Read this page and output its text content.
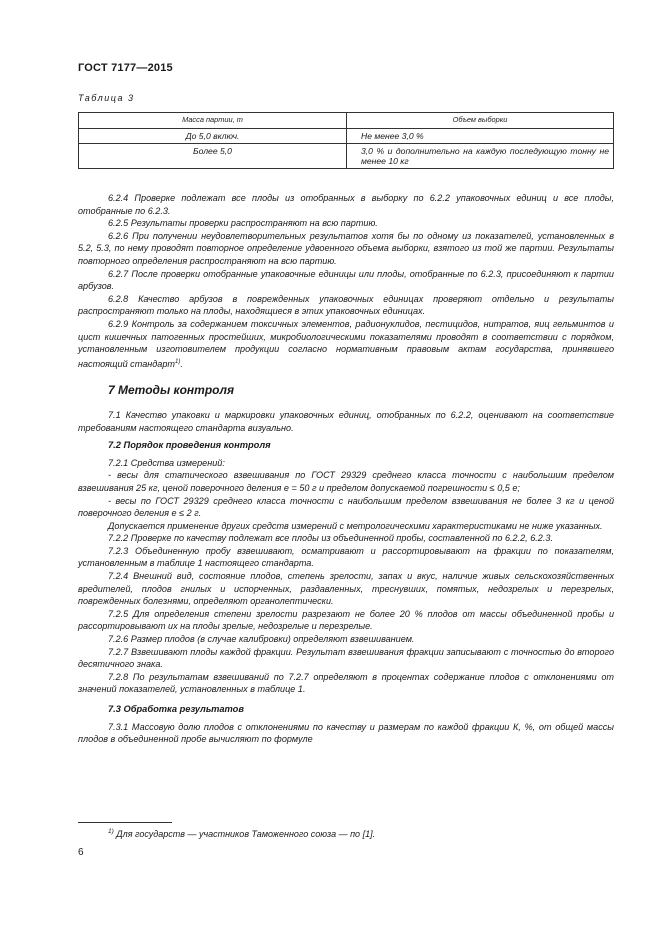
ГОСТ 7177—2015
Таблица 3
Масса партии, т	Объем выборки
До 5,0 включ.	Не менее 3,0 %
Более 5,0	3,0 % и дополнительно на каждую последующую тонну не менее 10 кг

6.2.4 Проверке подлежат все плоды из отобранных в выборку по 6.2.2 упаковочных единиц и все плоды, отобранные по 6.2.3.

6.2.5 Результаты проверки распространяют на всю партию.

6.2.6 При получении неудовлетворительных результатов хотя бы по одному из показателей, установленных в 5.2, 5.3, по нему проводят повторное определение удвоенного объема выборки, взятого из той же партии. Результаты повторного определения распространяют на всю партию.

6.2.7 После проверки отобранные упаковочные единицы или плоды, отобранные по 6.2.3, присоединяют к партии арбузов.

6.2.8 Качество арбузов в поврежденных упаковочных единицах проверяют отдельно и результаты распространяют только на плоды, находящиеся в этих упаковочных единицах.

6.2.9 Контроль за содержанием токсичных элементов, радионуклидов, пестицидов, нитратов, яиц гельминтов и цист кишечных патогенных простейших, микробиологическими показателями проводят в соответствии с порядком, установленным изготовителем продукции согласно нормативным правовым актам государства, принявшего настоящий стандарт$^{1)}$.

7 Методы контроля

7.1 Качество упаковки и маркировки упаковочных единиц, отобранных по 6.2.2, оценивают на соответствие требованиям настоящего стандарта визуально.

7.2 Порядок проведения контроля

7.2.1 Средства измерений:

- весы для статического взвешивания по ГОСТ 29329 среднего класса точности с наибольшим пределом взвешивания 25 кг, ценой поверочного деления е = 50 г и пределом допускаемой погрешности ≤ 0,5 е;

- весы по ГОСТ 29329 среднего класса точности с наибольшим пределом взвешивания не более 3 кг и ценой поверочного деления е ≤ 2 г.

Допускается применение других средств измерений с метрологическими характеристиками не ниже указанных.

7.2.2 Проверке по качеству подлежат все плоды из объединенной пробы, составленной по 6.2.2, 6.2.3.

7.2.3 Объединенную пробу взвешивают, осматривают и рассортировывают на фракции по показателям, установленным в таблице 1 настоящего стандарта.

7.2.4 Внешний вид, состояние плодов, степень зрелости, запах и вкус, наличие живых сельскохозяйственных вредителей, плодов гнилых и испорченных, раздавленных, треснувших, помятых, недозрелых и перезрелых, поврежденных болезнями, определяют органолептически.

7.2.5 Для определения степени зрелости разрезают не более 20 % плодов от массы объединенной пробы и рассортировывают их на плоды зрелые, недозрелые и перезрелые.

7.2.6 Размер плодов (в случае калибровки) определяют взвешиванием.

7.2.7 Взвешивают плоды каждой фракции. Результат взвешивания фракции записывают с точностью до второго десятичного знака.

7.2.8 По результатам взвешиваний по 7.2.7 определяют в процентах содержание плодов с отклонениями от значений показателей, установленных в таблице 1.

7.3 Обработка результатов

7.3.1 Массовую долю плодов с отклонениями по качеству и размерам по каждой фракции К, %, от общей массы плодов в объединенной пробе вычисляют по формуле

$^{1)}$ Для государств — участников Таможенного союза — по [1].
6
